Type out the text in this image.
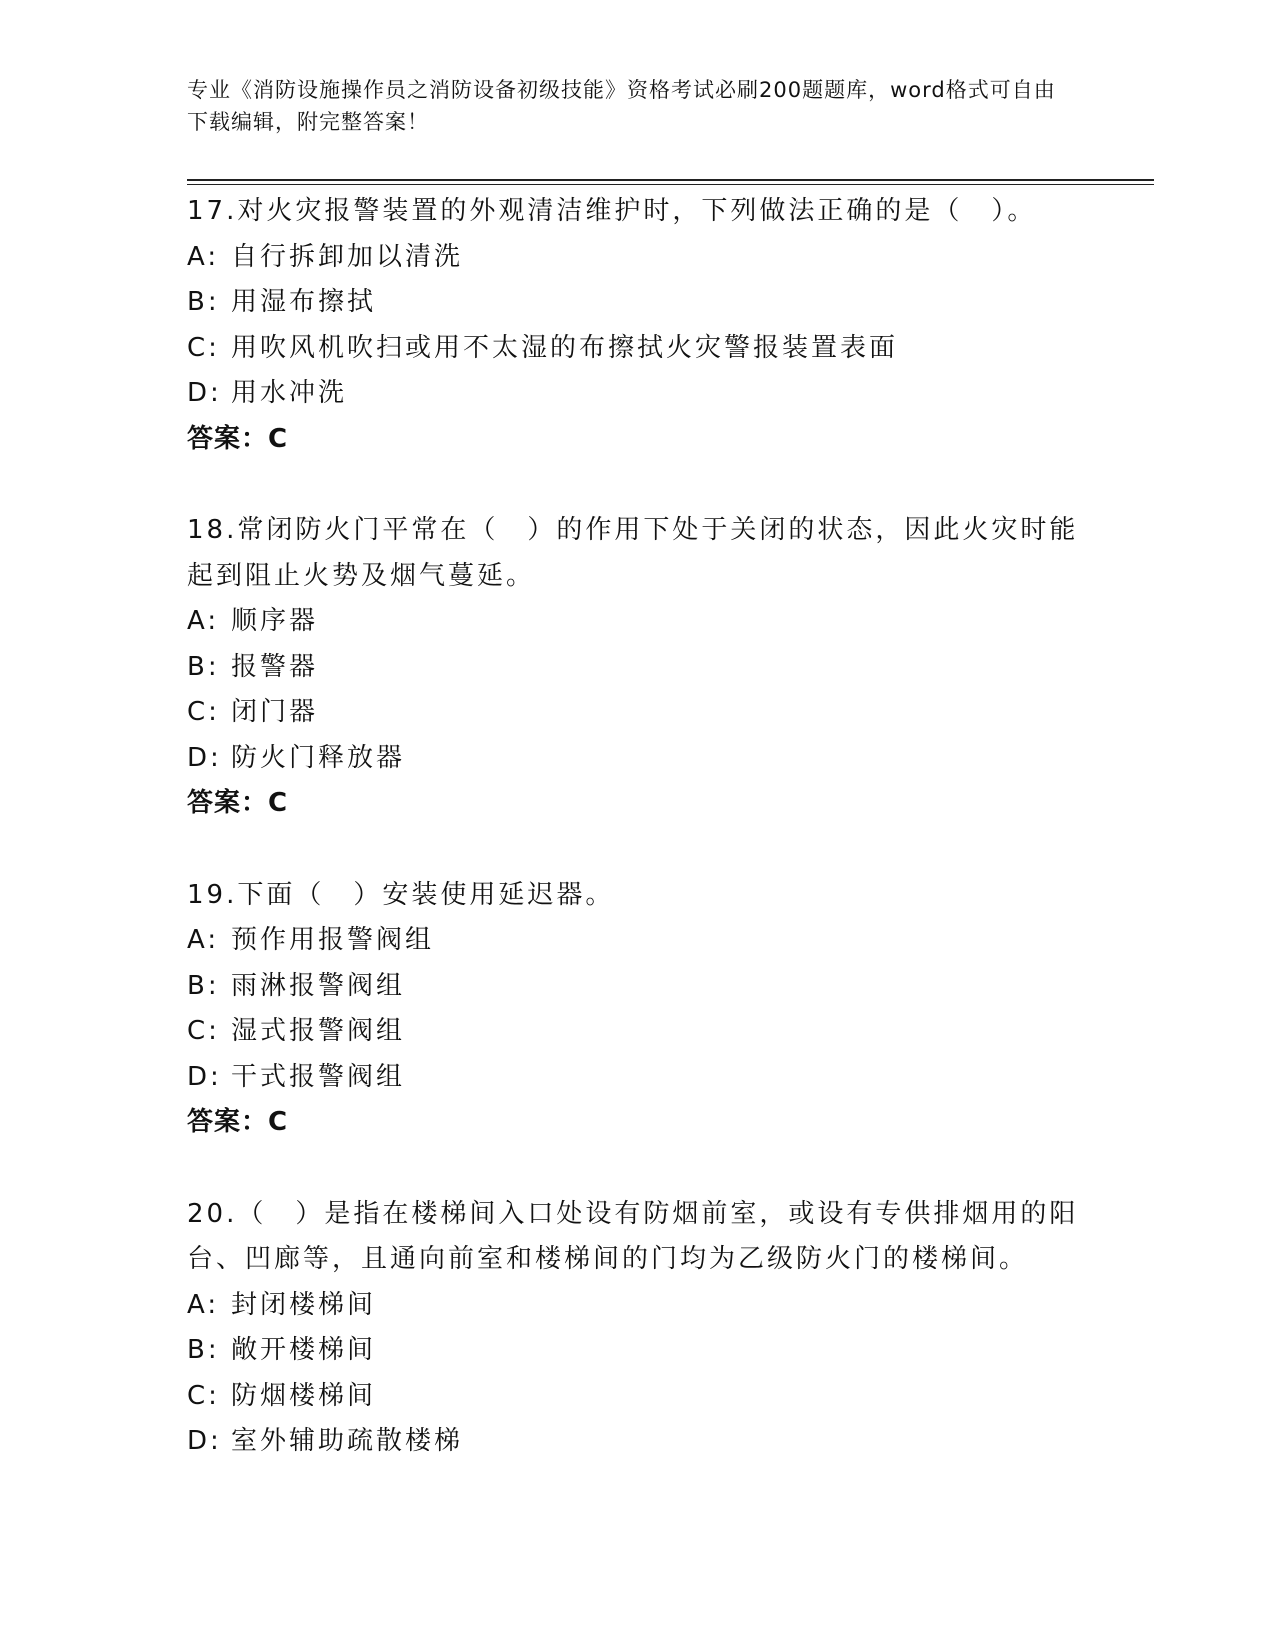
专业《消防设施操作员之消防设备初级技能》资格考试必刷200题题库，word格式可自由下载编辑，附完整答案！
17.对火灾报警装置的外观清洁维护时，下列做法正确的是（　）。
A: 自行拆卸加以清洗
B: 用湿布擦拭
C: 用吹风机吹扫或用不太湿的布擦拭火灾警报装置表面
D: 用水冲洗
答案：C
18.常闭防火门平常在（　）的作用下处于关闭的状态，因此火灾时能起到阻止火势及烟气蔓延。
A: 顺序器
B: 报警器
C: 闭门器
D: 防火门释放器
答案：C
19.下面（　）安装使用延迟器。
A: 预作用报警阀组
B: 雨淋报警阀组
C: 湿式报警阀组
D: 干式报警阀组
答案：C
20.（　）是指在楼梯间入口处设有防烟前室，或设有专供排烟用的阳台、凹廊等，且通向前室和楼梯间的门均为乙级防火门的楼梯间。
A: 封闭楼梯间
B: 敞开楼梯间
C: 防烟楼梯间
D: 室外辅助疏散楼梯
